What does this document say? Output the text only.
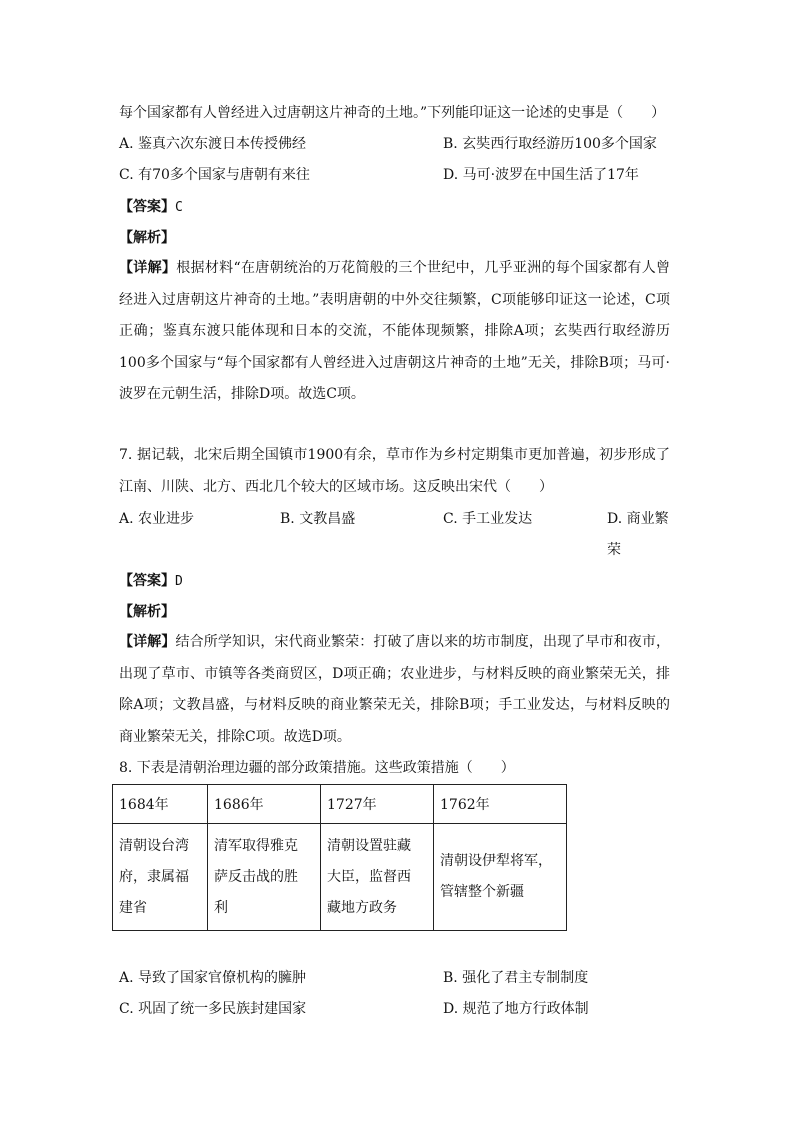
每个国家都有人曾经进入过唐朝这片神奇的土地。”下列能印证这一论述的史事是（　　）
A. 鉴真六次东渡日本传授佛经	B. 玄奘西行取经游历100多个国家
C. 有70多个国家与唐朝有来往	D. 马可·波罗在中国生活了17年
【答案】C
【解析】
【详解】根据材料“在唐朝统治的万花简般的三个世纪中，几乎亚洲的每个国家都有人曾经进入过唐朝这片神奇的土地。”表明唐朝的中外交往频繁，C项能够印证这一论述，C项正确；鉴真东渡只能体现和日本的交流，不能体现频繁，排除A项；玄奘西行取经游历100多个国家与“每个国家都有人曾经进入过唐朝这片神奇的土地”无关，排除B项；马可·波罗在元朝生活，排除D项。故选C项。
7. 据记载，北宋后期全国镇市1900有余，草市作为乡村定期集市更加普遍，初步形成了江南、川陕、北方、西北几个较大的区域市场。这反映出宋代（　　）
A. 农业进步	B. 文教昌盛	C. 手工业发达	D. 商业繁荣
【答案】D
【解析】
【详解】结合所学知识，宋代商业繁荣：打破了唐以来的坊市制度，出现了早市和夜市，出现了草市、市镇等各类商贸区，D项正确；农业进步，与材料反映的商业繁荣无关，排除A项；文教昌盛，与材料反映的商业繁荣无关，排除B项；手工业发达，与材料反映的商业繁荣无关，排除C项。故选D项。
8. 下表是清朝治理边疆的部分政策措施。这些政策措施（　　）
1684年	1686年	1727年	1762年

清朝设台湾府，隶属福建省	清军取得雅克萨反击战的胜利	清朝设置驻藏大臣，监督西藏地方政务	清朝设伊犁将军，管辖整个新疆
A. 导致了国家官僚机构的臃肿	B. 强化了君主专制制度
C. 巩固了统一多民族封建国家	D. 规范了地方行政体制
